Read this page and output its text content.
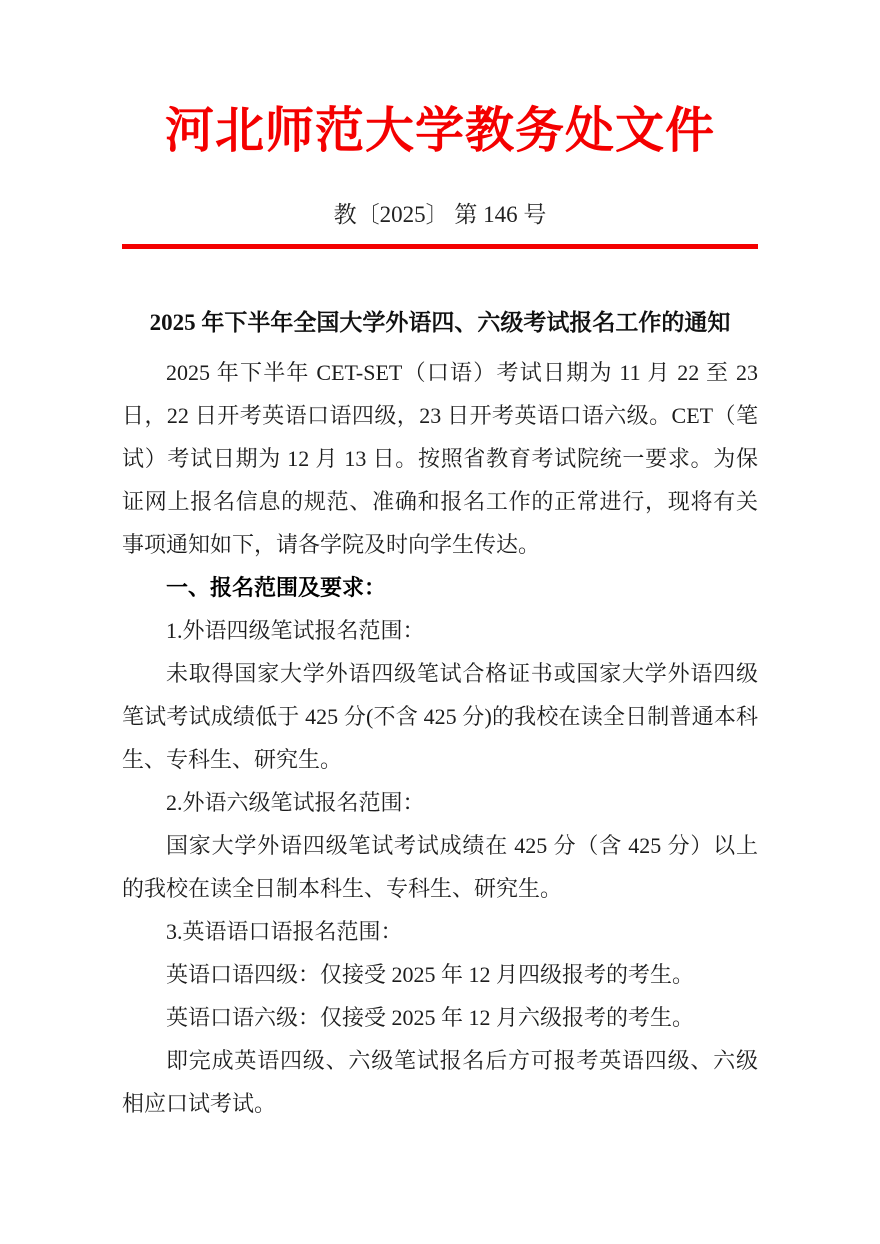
河北师范大学教务处文件
教〔2025〕 第 146 号
2025 年下半年全国大学外语四、六级考试报名工作的通知

2025 年下半年 CET-SET（口语）考试日期为 11 月 22 至 23 日，22 日开考英语口语四级，23 日开考英语口语六级。CET（笔试）考试日期为 12 月 13 日。按照省教育考试院统一要求。为保证网上报名信息的规范、准确和报名工作的正常进行，现将有关事项通知如下，请各学院及时向学生传达。

一、报名范围及要求：

1.外语四级笔试报名范围：

未取得国家大学外语四级笔试合格证书或国家大学外语四级笔试考试成绩低于 425 分(不含 425 分)的我校在读全日制普通本科生、专科生、研究生。

2.外语六级笔试报名范围：

国家大学外语四级笔试考试成绩在 425 分（含 425 分）以上的我校在读全日制本科生、专科生、研究生。

3.英语语口语报名范围：

英语口语四级：仅接受 2025 年 12 月四级报考的考生。

英语口语六级：仅接受 2025 年 12 月六级报考的考生。

即完成英语四级、六级笔试报名后方可报考英语四级、六级相应口试考试。
